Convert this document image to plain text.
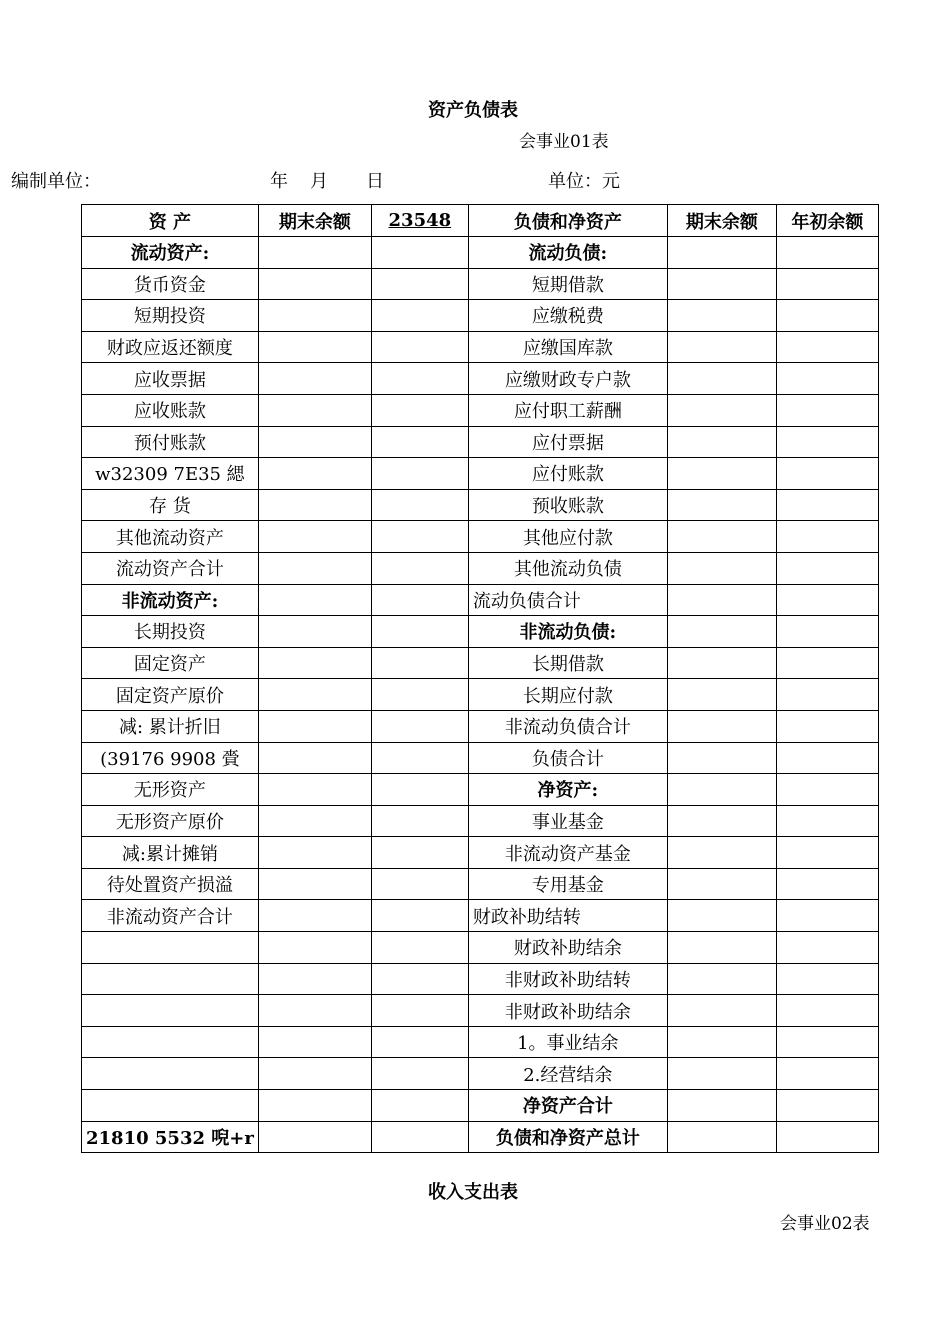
资产负债表
会事业01表
编制单位：	年 月 日	单位：元
资 产	期末余额	23548	负债和净资产	期末余额	年初余额
流动资产:			流动负债:		
货币资金			短期借款		
短期投资			应缴税费		
财政应返还额度			应缴国库款		
应收票据			应缴财政专户款		
应收账款			应付职工薪酬		
预付账款			应付票据		
w32309 7E35 緦			应付账款		
存 货			预收账款		
其他流动资产			其他应付款		
流动资产合计			其他流动负债		
非流动资产:			流动负债合计		
长期投资			非流动负债:		
固定资产			长期借款		
固定资产原价			长期应付款		
减: 累计折旧			非流动负债合计		
(39176 9908 賫			负债合计		
无形资产			净资产:		
无形资产原价			事业基金		
减:累计摊销			非流动资产基金		
待处置资产损溢			专用基金		
非流动资产合计			财政补助结转		
			财政补助结余		
			非财政补助结转		
			非财政补助结余		
			1。事业结余		
			2.经营结余		
			净资产合计		
21810 5532 唲+r			负债和净资产总计		
收入支出表
会事业02表
